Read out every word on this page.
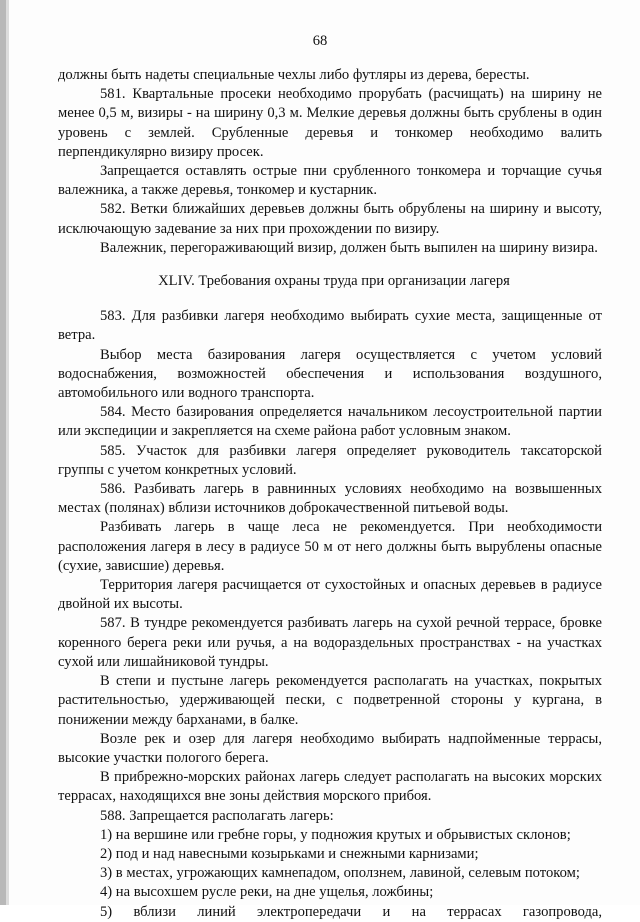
68

должны быть надеты специальные чехлы либо футляры из дерева, бересты.

581. Квартальные просеки необходимо прорубать (расчищать) на ширину не менее 0,5 м, визиры - на ширину 0,3 м. Мелкие деревья должны быть срублены в один уровень с землей. Срубленные деревья и тонкомер необходимо валить перпендикулярно визиру просек.

Запрещается оставлять острые пни срубленного тонкомера и торчащие сучья валежника, а также деревья, тонкомер и кустарник.

582. Ветки ближайших деревьев должны быть обрублены на ширину и высоту, исключающую задевание за них при прохождении по визиру.

Валежник, перегораживающий визир, должен быть выпилен на ширину визира.

XLIV. Требования охраны труда при организации лагеря

583. Для разбивки лагеря необходимо выбирать сухие места, защищенные от ветра.

Выбор места базирования лагеря осуществляется с учетом условий водоснабжения, возможностей обеспечения и использования воздушного, автомобильного или водного транспорта.

584. Место базирования определяется начальником лесоустроительной партии или экспедиции и закрепляется на схеме района работ условным знаком.

585. Участок для разбивки лагеря определяет руководитель таксаторской группы с учетом конкретных условий.

586. Разбивать лагерь в равнинных условиях необходимо на возвышенных местах (полянах) вблизи источников доброкачественной питьевой воды.

Разбивать лагерь в чаще леса не рекомендуется. При необходимости расположения лагеря в лесу в радиусе 50 м от него должны быть вырублены опасные (сухие, зависшие) деревья.

Территория лагеря расчищается от сухостойных и опасных деревьев в радиусе двойной их высоты.

587. В тундре рекомендуется разбивать лагерь на сухой речной террасе, бровке коренного берега реки или ручья, а на водораздельных пространствах - на участках сухой или лишайниковой тундры.

В степи и пустыне лагерь рекомендуется располагать на участках, покрытых растительностью, удерживающей пески, с подветренной стороны у кургана, в понижении между барханами, в балке.

Возле рек и озер для лагеря необходимо выбирать надпойменные террасы, высокие участки пологого берега.

В прибрежно-морских районах лагерь следует располагать на высоких морских террасах, находящихся вне зоны действия морского прибоя.

588. Запрещается располагать лагерь:

1) на вершине или гребне горы, у подножия крутых и обрывистых склонов;

2) под и над навесными козырьками и снежными карнизами;

3) в местах, угрожающих камнепадом, оползнем, лавиной, селевым потоком;

4) на высохшем русле реки, на дне ущелья, ложбины;

5) вблизи линий электропередачи и на террасах газопровода,
